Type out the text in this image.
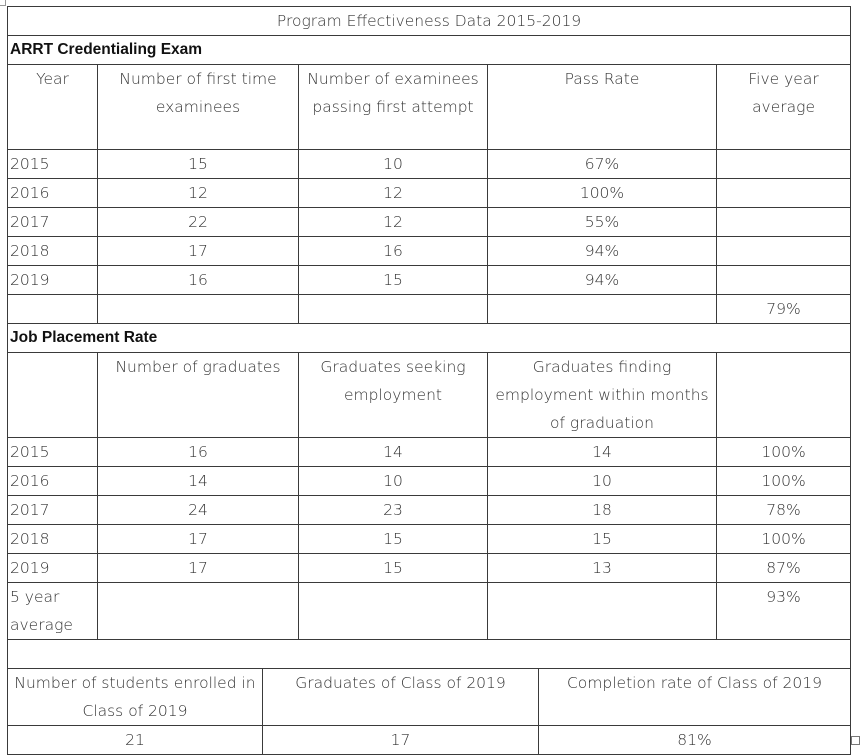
Program Effectiveness Data 2015-2019				
ARRT Credentialing Exam				
Year	Number of first time examinees	Number of examinees passing first attempt	Pass Rate	Five year average
2015	15	10	67%	
2016	12	12	100%	
2017	22	12	55%	
2018	17	16	94%	
2019	16	15	94%	
				79%
Job Placement Rate				
	Number of graduates	Graduates seeking employment	Graduates finding employment within months of graduation	
2015	16	14	14	100%
2016	14	10	10	100%
2017	24	23	18	78%
2018	17	15	15	100%
2019	17	15	13	87%
5 year average				93%

Number of students enrolled in Class of 2019	Graduates of Class of 2019	Completion rate of Class of 2019
21	17	81%
